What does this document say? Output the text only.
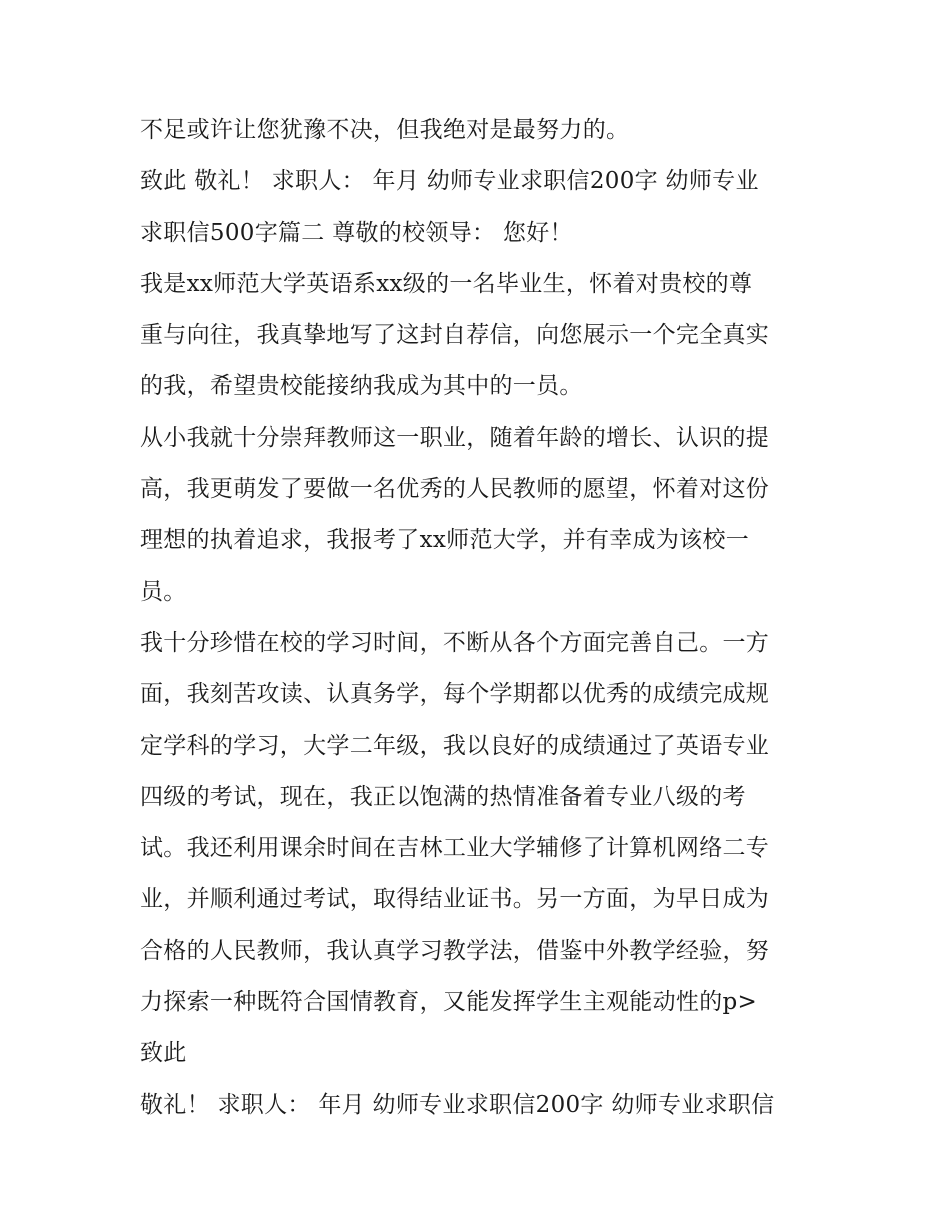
不足或许让您犹豫不决，但我绝对是最努力的。
致此 敬礼！ 求职人： 年月 幼师专业求职信200字 幼师专业
求职信500字篇二 尊敬的校领导： 您好！
我是xx师范大学英语系xx级的一名毕业生，怀着对贵校的尊
重与向往，我真挚地写了这封自荐信，向您展示一个完全真实
的我，希望贵校能接纳我成为其中的一员。
从小我就十分崇拜教师这一职业，随着年龄的增长、认识的提
高，我更萌发了要做一名优秀的人民教师的愿望，怀着对这份
理想的执着追求，我报考了xx师范大学，并有幸成为该校一
员。
我十分珍惜在校的学习时间，不断从各个方面完善自己。一方
面，我刻苦攻读、认真务学，每个学期都以优秀的成绩完成规
定学科的学习，大学二年级，我以良好的成绩通过了英语专业
四级的考试，现在，我正以饱满的热情准备着专业八级的考
试。我还利用课余时间在吉林工业大学辅修了计算机网络二专
业，并顺利通过考试，取得结业证书。另一方面，为早日成为
合格的人民教师，我认真学习教学法，借鉴中外教学经验，努
力探索一种既符合国情教育，又能发挥学生主观能动性的p>
致此
敬礼！ 求职人： 年月 幼师专业求职信200字 幼师专业求职信
